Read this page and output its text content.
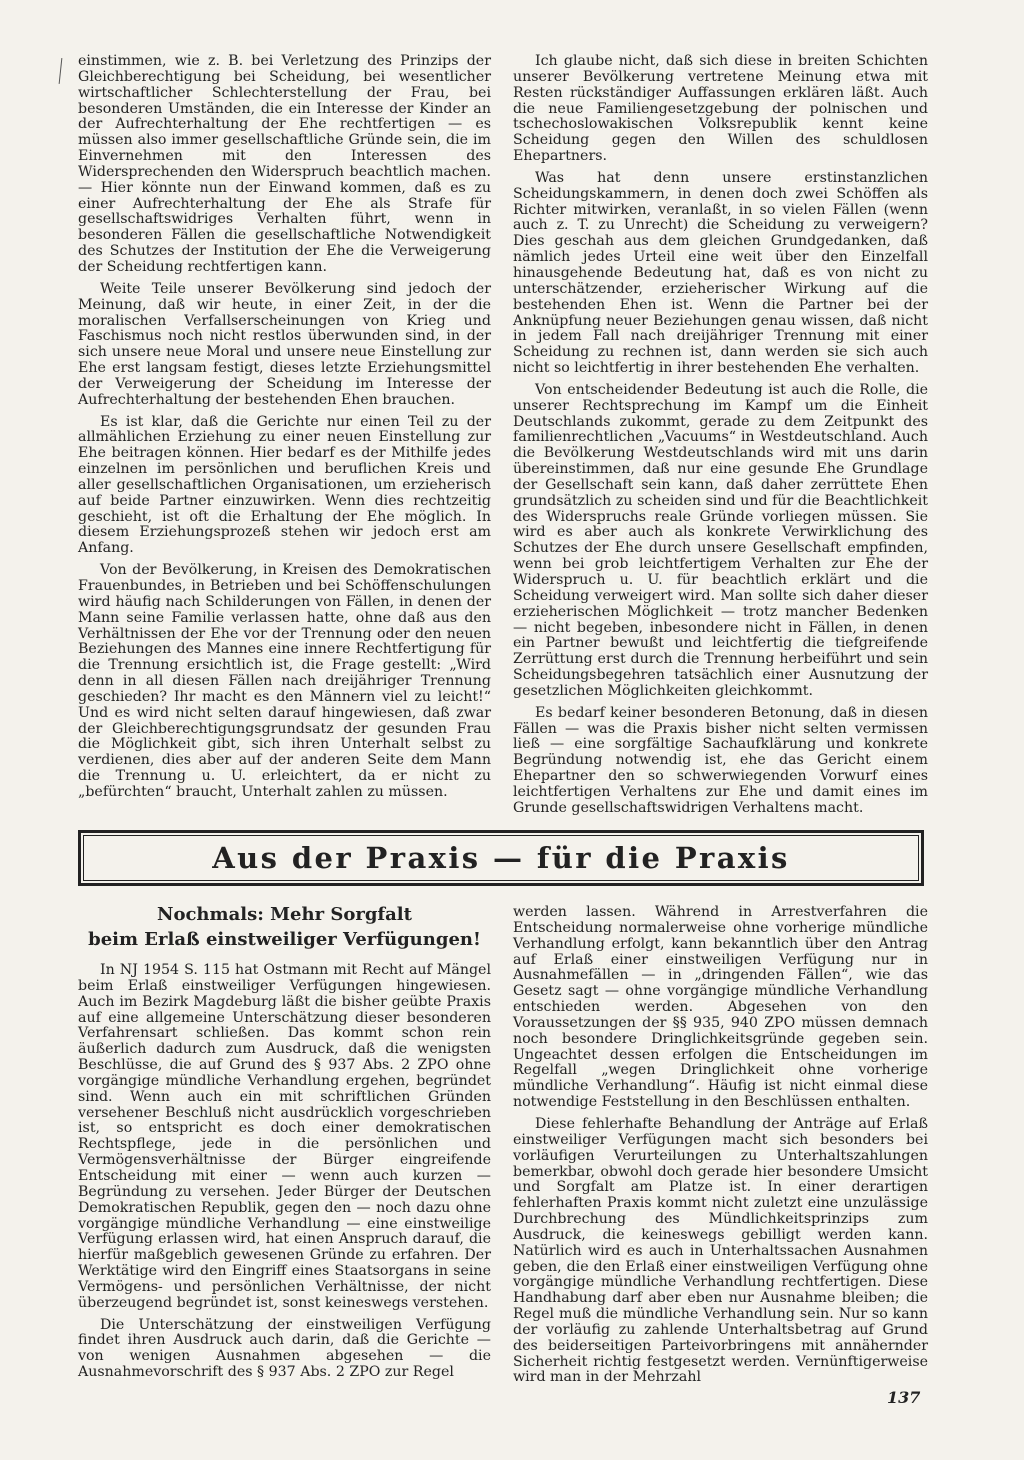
einstimmen, wie z. B. bei Verletzung des Prinzips der Gleichberechtigung bei Scheidung, bei wesentlicher wirtschaftlicher Schlechterstellung der Frau, bei besonderen Umständen, die ein Interesse der Kinder an der Aufrechterhaltung der Ehe rechtfertigen — es müssen also immer gesellschaftliche Gründe sein, die im Einvernehmen mit den Interessen des Widersprechenden den Widerspruch beachtlich machen. — Hier könnte nun der Einwand kommen, daß es zu einer Aufrechterhaltung der Ehe als Strafe für gesellschaftswidriges Verhalten führt, wenn in besonderen Fällen die gesellschaftliche Notwendigkeit des Schutzes der Institution der Ehe die Verweigerung der Scheidung rechtfertigen kann.

Weite Teile unserer Bevölkerung sind jedoch der Meinung, daß wir heute, in einer Zeit, in der die moralischen Verfallserscheinungen von Krieg und Faschismus noch nicht restlos überwunden sind, in der sich unsere neue Moral und unsere neue Einstellung zur Ehe erst langsam festigt, dieses letzte Erziehungsmittel der Verweigerung der Scheidung im Interesse der Aufrechterhaltung der bestehenden Ehen brauchen.

Es ist klar, daß die Gerichte nur einen Teil zu der allmählichen Erziehung zu einer neuen Einstellung zur Ehe beitragen können. Hier bedarf es der Mithilfe jedes einzelnen im persönlichen und beruflichen Kreis und aller gesellschaftlichen Organisationen, um erzieherisch auf beide Partner einzuwirken. Wenn dies rechtzeitig geschieht, ist oft die Erhaltung der Ehe möglich. In diesem Erziehungsprozeß stehen wir jedoch erst am Anfang.

Von der Bevölkerung, in Kreisen des Demokratischen Frauenbundes, in Betrieben und bei Schöffenschulungen wird häufig nach Schilderungen von Fällen, in denen der Mann seine Familie verlassen hatte, ohne daß aus den Verhältnissen der Ehe vor der Trennung oder den neuen Beziehungen des Mannes eine innere Rechtfertigung für die Trennung ersichtlich ist, die Frage gestellt: „Wird denn in all diesen Fällen nach dreijähriger Trennung geschieden? Ihr macht es den Männern viel zu leicht!“ Und es wird nicht selten darauf hingewiesen, daß zwar der Gleichberechtigungsgrundsatz der gesunden Frau die Möglichkeit gibt, sich ihren Unterhalt selbst zu verdienen, dies aber auf der anderen Seite dem Mann die Trennung u. U. erleichtert, da er nicht zu „befürchten“ braucht, Unterhalt zahlen zu müssen.

Ich glaube nicht, daß sich diese in breiten Schichten unserer Bevölkerung vertretene Meinung etwa mit Resten rückständiger Auffassungen erklären läßt. Auch die neue Familiengesetzgebung der polnischen und tschechoslowakischen Volksrepublik kennt keine Scheidung gegen den Willen des schuldlosen Ehepartners.

Was hat denn unsere erstinstanzlichen Scheidungskammern, in denen doch zwei Schöffen als Richter mitwirken, veranlaßt, in so vielen Fällen (wenn auch z. T. zu Unrecht) die Scheidung zu verweigern? Dies geschah aus dem gleichen Grundgedanken, daß nämlich jedes Urteil eine weit über den Einzelfall hinausgehende Bedeutung hat, daß es von nicht zu unterschätzender, erzieherischer Wirkung auf die bestehenden Ehen ist. Wenn die Partner bei der Anknüpfung neuer Beziehungen genau wissen, daß nicht in jedem Fall nach dreijähriger Trennung mit einer Scheidung zu rechnen ist, dann werden sie sich auch nicht so leichtfertig in ihrer bestehenden Ehe verhalten.

Von entscheidender Bedeutung ist auch die Rolle, die unserer Rechtsprechung im Kampf um die Einheit Deutschlands zukommt, gerade zu dem Zeitpunkt des familienrechtlichen „Vacuums“ in Westdeutschland. Auch die Bevölkerung Westdeutschlands wird mit uns darin übereinstimmen, daß nur eine gesunde Ehe Grundlage der Gesellschaft sein kann, daß daher zerrüttete Ehen grundsätzlich zu scheiden sind und für die Beachtlichkeit des Widerspruchs reale Gründe vorliegen müssen. Sie wird es aber auch als konkrete Verwirklichung des Schutzes der Ehe durch unsere Gesellschaft empfinden, wenn bei grob leichtfertigem Verhalten zur Ehe der Widerspruch u. U. für beachtlich erklärt und die Scheidung verweigert wird. Man sollte sich daher dieser erzieherischen Möglichkeit — trotz mancher Bedenken — nicht begeben, inbesondere nicht in Fällen, in denen ein Partner bewußt und leichtfertig die tiefgreifende Zerrüttung erst durch die Trennung herbeiführt und sein Scheidungsbegehren tatsächlich einer Ausnutzung der gesetzlichen Möglichkeiten gleichkommt.

Es bedarf keiner besonderen Betonung, daß in diesen Fällen — was die Praxis bisher nicht selten vermissen ließ — eine sorgfältige Sachaufklärung und konkrete Begründung notwendig ist, ehe das Gericht einem Ehepartner den so schwerwiegenden Vorwurf eines leichtfertigen Verhaltens zur Ehe und damit eines im Grunde gesellschaftswidrigen Verhaltens macht.

Aus der Praxis — für die Praxis
Nochmals: Mehr Sorgfalt
beim Erlaß einstweiliger Verfügungen!

In NJ 1954 S. 115 hat Ostmann mit Recht auf Mängel beim Erlaß einstweiliger Verfügungen hingewiesen. Auch im Bezirk Magdeburg läßt die bisher geübte Praxis auf eine allgemeine Unterschätzung dieser besonderen Verfahrensart schließen. Das kommt schon rein äußerlich dadurch zum Ausdruck, daß die wenigsten Beschlüsse, die auf Grund des § 937 Abs. 2 ZPO ohne vorgängige mündliche Verhandlung ergehen, begründet sind. Wenn auch ein mit schriftlichen Gründen versehener Beschluß nicht ausdrücklich vorgeschrieben ist, so entspricht es doch einer demokratischen Rechtspflege, jede in die persönlichen und Vermögensverhältnisse der Bürger eingreifende Entscheidung mit einer — wenn auch kurzen — Begründung zu versehen. Jeder Bürger der Deutschen Demokratischen Republik, gegen den — noch dazu ohne vorgängige mündliche Verhandlung — eine einstweilige Verfügung erlassen wird, hat einen Anspruch darauf, die hierfür maßgeblich gewesenen Gründe zu erfahren. Der Werktätige wird den Eingriff eines Staatsorgans in seine Vermögens- und persönlichen Verhältnisse, der nicht überzeugend begründet ist, sonst keineswegs verstehen.

Die Unterschätzung der einstweiligen Verfügung findet ihren Ausdruck auch darin, daß die Gerichte — von wenigen Ausnahmen abgesehen — die Ausnahmevorschrift des § 937 Abs. 2 ZPO zur Regel

werden lassen. Während in Arrestverfahren die Entscheidung normalerweise ohne vorherige mündliche Verhandlung erfolgt, kann bekanntlich über den Antrag auf Erlaß einer einstweiligen Verfügung nur in Ausnahmefällen — in „dringenden Fällen“, wie das Gesetz sagt — ohne vorgängige mündliche Verhandlung entschieden werden. Abgesehen von den Voraussetzungen der §§ 935, 940 ZPO müssen demnach noch besondere Dringlichkeitsgründe gegeben sein. Ungeachtet dessen erfolgen die Entscheidungen im Regelfall „wegen Dringlichkeit ohne vorherige mündliche Verhandlung“. Häufig ist nicht einmal diese notwendige Feststellung in den Beschlüssen enthalten.

Diese fehlerhafte Behandlung der Anträge auf Erlaß einstweiliger Verfügungen macht sich besonders bei vorläufigen Verurteilungen zu Unterhaltszahlungen bemerkbar, obwohl doch gerade hier besondere Umsicht und Sorgfalt am Platze ist. In einer derartigen fehlerhaften Praxis kommt nicht zuletzt eine unzulässige Durchbrechung des Mündlichkeitsprinzips zum Ausdruck, die keineswegs gebilligt werden kann. Natürlich wird es auch in Unterhaltssachen Ausnahmen geben, die den Erlaß einer einstweiligen Verfügung ohne vorgängige mündliche Verhandlung rechtfertigen. Diese Handhabung darf aber eben nur Ausnahme bleiben; die Regel muß die mündliche Verhandlung sein. Nur so kann der vorläufig zu zahlende Unterhaltsbetrag auf Grund des beiderseitigen Parteivorbringens mit annähernder Sicherheit richtig festgesetzt werden. Vernünftigerweise wird man in der Mehrzahl

137
